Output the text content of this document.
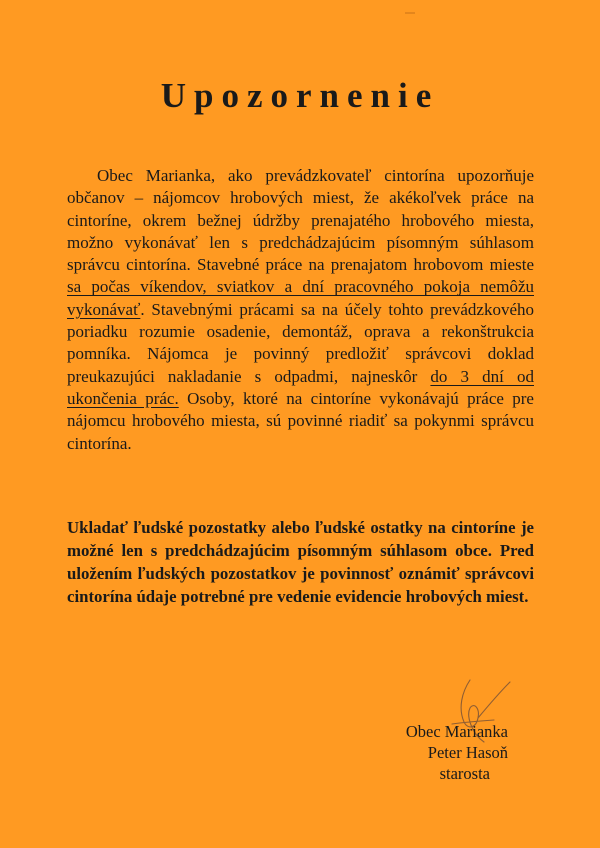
Upozornenie

Obec Marianka, ako prevádzkovateľ cintorína upozorňuje občanov – nájomcov hrobových miest, že akékoľvek práce na cintoríne, okrem bežnej údržby prenajatého hrobového miesta, možno vykonávať len s predchádzajúcim písomným súhlasom správcu cintorína. Stavebné práce na prenajatom hrobovom mieste sa počas víkendov, sviatkov a dní pracovného pokoja nemôžu vykonávať. Stavebnými prácami sa na účely tohto prevádzkového poriadku rozumie osadenie, demontáž, oprava a rekonštrukcia pomníka. Nájomca je povinný predložiť správcovi doklad preukazujúci nakladanie s odpadmi, najneskôr do 3 dní od ukončenia prác. Osoby, ktoré na cintoríne vykonávajú práce pre nájomcu hrobového miesta, sú povinné riadiť sa pokynmi správcu cintorína.

Ukladať ľudské pozostatky alebo ľudské ostatky na cintoríne je možné len s predchádzajúcim písomným súhlasom obce. Pred uložením ľudských pozostatkov je povinnosť oznámiť správcovi cintorína údaje potrebné pre vedenie evidencie hrobových miest.

Obec Marianka
Peter Hasoň
starosta
